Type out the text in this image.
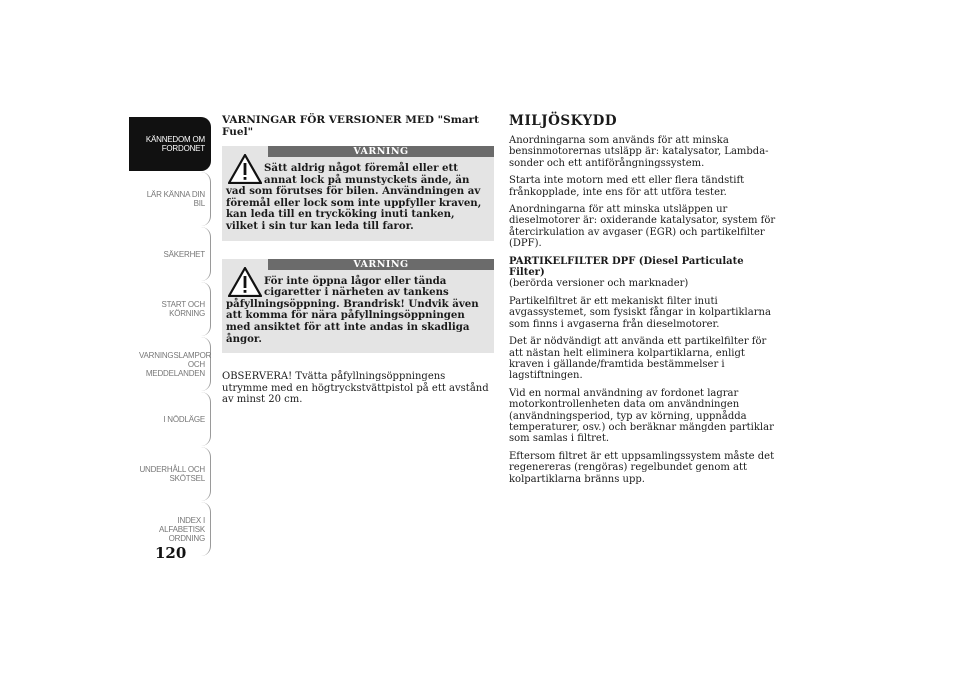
KÄNNEDOM OM FORDONET
LÄR KÄNNA DIN BIL
SÄKERHET
START OCH KÖRNING
VARNINGSLAMPOR OCH MEDDELANDEN
I NÖDLÄGE
UNDERHÅLL OCH SKÖTSEL
INDEX I ALFABETISK ORDNING
120

VARNINGAR FÖR VERSIONER MED "Smart Fuel"

VARNING

Sätt aldrig något föremål eller ett annat lock på munstyckets ände, än
vad som förutses för bilen. Användningen av föremål eller lock som inte uppfyller kraven, kan leda till en trycköking inuti tanken, vilket i sin tur kan leda till faror.

VARNING

För inte öppna lågor eller tända cigaretter i närheten av tankens
påfyllningsöppning. Brandrisk! Undvik även att komma för nära påfyllningsöppningen med ansiktet för att inte andas in skadliga ångor.

OBSERVERA! Tvätta påfyllningsöppningens utrymme med en högtryckstvättpistol på ett avstånd av minst 20 cm.

MILJÖSKYDD

Anordningarna som används för att minska bensinmotorernas utsläpp är: katalysator, Lambda-sonder och ett antiförångningssystem.

Starta inte motorn med ett eller flera tändstift frånkopplade, inte ens för att utföra tester.

Anordningarna för att minska utsläppen ur dieselmotorer är: oxiderande katalysator, system för återcirkulation av avgaser (EGR) och partikelfilter (DPF).

PARTIKELFILTER DPF (Diesel Particulate Filter)

(berörda versioner och marknader)

Partikelfiltret är ett mekaniskt filter inuti avgassystemet, som fysiskt fångar in kolpartiklarna som finns i avgaserna från dieselmotorer.

Det är nödvändigt att använda ett partikelfilter för att nästan helt eliminera kolpartiklarna, enligt kraven i gällande/framtida bestämmelser i lagstiftningen.

Vid en normal användning av fordonet lagrar motorkontrollenheten data om användningen (användningsperiod, typ av körning, uppnådda temperaturer, osv.) och beräknar mängden partiklar som samlas i filtret.

Eftersom filtret är ett uppsamlingssystem måste det regenereras (rengöras) regelbundet genom att kolpartiklarna bränns upp.
